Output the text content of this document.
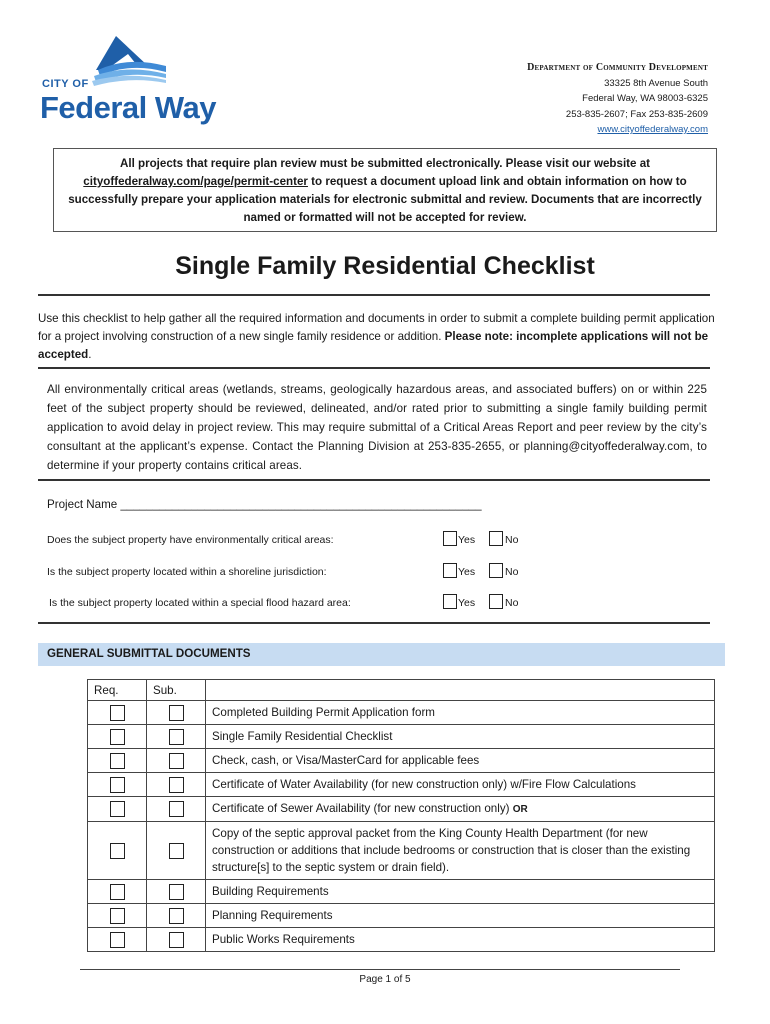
CITY OF
Federal Way
Department of Community Development
33325 8th Avenue South
Federal Way, WA 98003-6325
253-835-2607; Fax 253-835-2609
www.cityoffederalway.com
All projects that require plan review must be submitted electronically. Please visit our website at
cityoffederalway.com/page/permit-center to request a document upload link and obtain information on how to successfully prepare your application materials for electronic submittal and review. Documents that are incorrectly named or formatted will not be accepted for review.
Single Family Residential Checklist
Use this checklist to help gather all the required information and documents in order to submit a complete building permit application for a project involving construction of a new single family residence or addition. Please note: incomplete applications will not be accepted.
All environmentally critical areas (wetlands, streams, geologically hazardous areas, and associated buffers) on or within 225 feet of the subject property should be reviewed, delineated, and/or rated prior to submitting a single family building permit application to avoid delay in project review. This may require submittal of a Critical Areas Report and peer review by the city’s consultant at the applicant’s expense. Contact the Planning Division at 253-835-2655, or planning@cityoffederalway.com, to determine if your property contains critical areas.
Project Name ________________________________________________________
Does the subject property have environmentally critical areas:	Yes	No
Is the subject property located within a shoreline jurisdiction:	Yes	No
Is the subject property located within a special flood hazard area:	Yes	No
GENERAL SUBMITTAL DOCUMENTS
Req.	Sub.	
		Completed Building Permit Application form
		Single Family Residential Checklist
		Check, cash, or Visa/MasterCard for applicable fees
		Certificate of Water Availability (for new construction only) w/Fire Flow Calculations
		Certificate of Sewer Availability (for new construction only) OR
		Copy of the septic approval packet from the King County Health Department (for new construction or additions that include bedrooms or construction that is closer than the existing structure[s] to the septic system or drain field).
		Building Requirements
		Planning Requirements
		Public Works Requirements
Page 1 of 5
